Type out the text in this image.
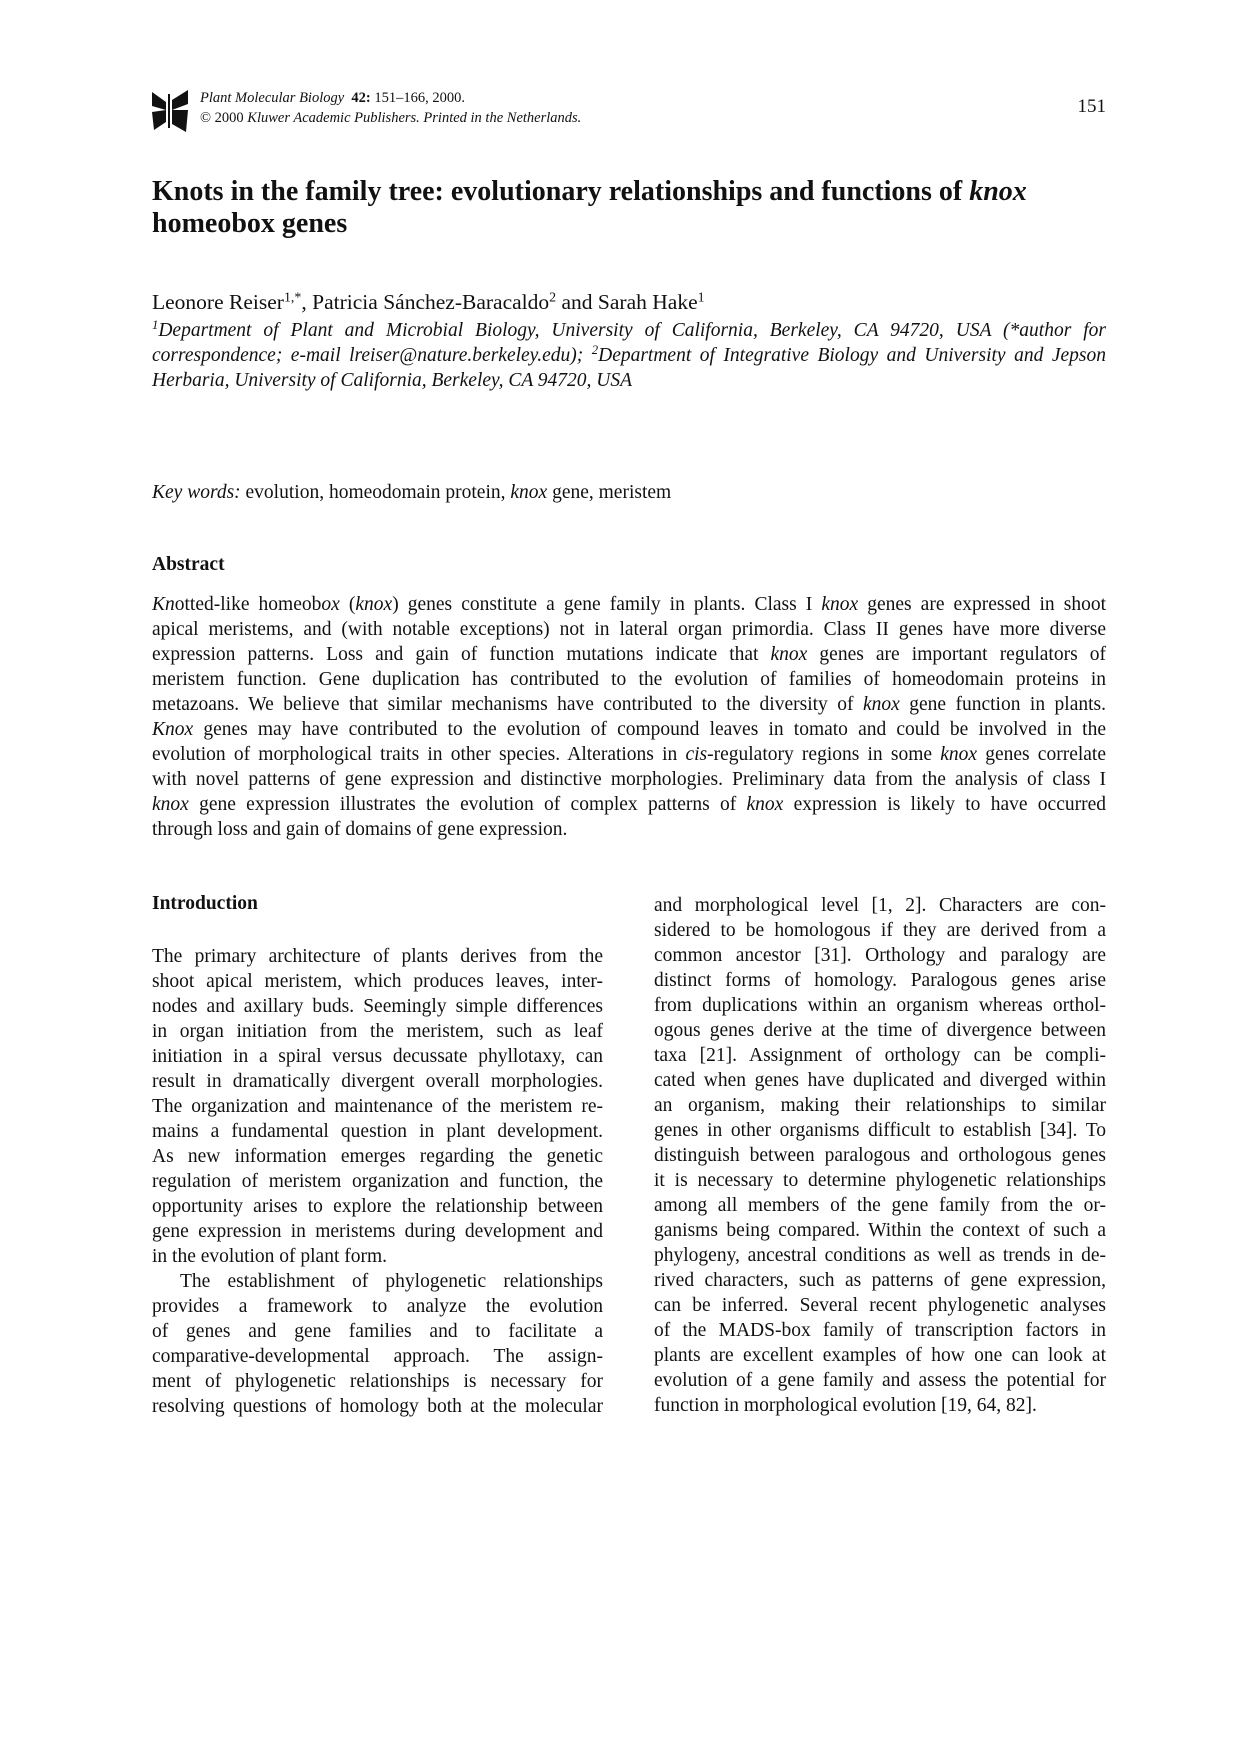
Plant Molecular Biology 42: 151–166, 2000.
© 2000 Kluwer Academic Publishers. Printed in the Netherlands.
151
Knots in the family tree: evolutionary relationships and functions of knox
homeobox genes
Leonore Reiser$^{1,*}$, Patricia Sánchez-Baracaldo$^2$ and Sarah Hake$^1$
$^1$Department of Plant and Microbial Biology, University of California, Berkeley, CA 94720, USA (*author for correspondence; e-mail lreiser@nature.berkeley.edu); $^2$Department of Integrative Biology and University and Jepson Herbaria, University of California, Berkeley, CA 94720, USA
Key words: evolution, homeodomain protein, knox gene, meristem
Abstract
Knotted-like homeobox (knox) genes constitute a gene family in plants. Class I knox genes are expressed in shoot
apical meristems, and (with notable exceptions) not in lateral organ primordia. Class II genes have more diverse
expression patterns. Loss and gain of function mutations indicate that knox genes are important regulators of
meristem function. Gene duplication has contributed to the evolution of families of homeodomain proteins in
metazoans. We believe that similar mechanisms have contributed to the diversity of knox gene function in plants.
Knox genes may have contributed to the evolution of compound leaves in tomato and could be involved in the
evolution of morphological traits in other species. Alterations in cis-regulatory regions in some knox genes correlate
with novel patterns of gene expression and distinctive morphologies. Preliminary data from the analysis of class I
knox gene expression illustrates the evolution of complex patterns of knox expression is likely to have occurred
through loss and gain of domains of gene expression.
Introduction
The primary architecture of plants derives from the
shoot apical meristem, which produces leaves, inter-
nodes and axillary buds. Seemingly simple differences
in organ initiation from the meristem, such as leaf
initiation in a spiral versus decussate phyllotaxy, can
result in dramatically divergent overall morphologies.
The organization and maintenance of the meristem re-
mains a fundamental question in plant development.
As new information emerges regarding the genetic
regulation of meristem organization and function, the
opportunity arises to explore the relationship between
gene expression in meristems during development and
in the evolution of plant form.
The establishment of phylogenetic relationships
provides a framework to analyze the evolution
of genes and gene families and to facilitate a
comparative-developmental approach. The assign-
ment of phylogenetic relationships is necessary for
resolving questions of homology both at the molecular
and morphological level [1, 2]. Characters are con-
sidered to be homologous if they are derived from a
common ancestor [31]. Orthology and paralogy are
distinct forms of homology. Paralogous genes arise
from duplications within an organism whereas orthol-
ogous genes derive at the time of divergence between
taxa [21]. Assignment of orthology can be compli-
cated when genes have duplicated and diverged within
an organism, making their relationships to similar
genes in other organisms difficult to establish [34]. To
distinguish between paralogous and orthologous genes
it is necessary to determine phylogenetic relationships
among all members of the gene family from the or-
ganisms being compared. Within the context of such a
phylogeny, ancestral conditions as well as trends in de-
rived characters, such as patterns of gene expression,
can be inferred. Several recent phylogenetic analyses
of the MADS-box family of transcription factors in
plants are excellent examples of how one can look at
evolution of a gene family and assess the potential for
function in morphological evolution [19, 64, 82].
